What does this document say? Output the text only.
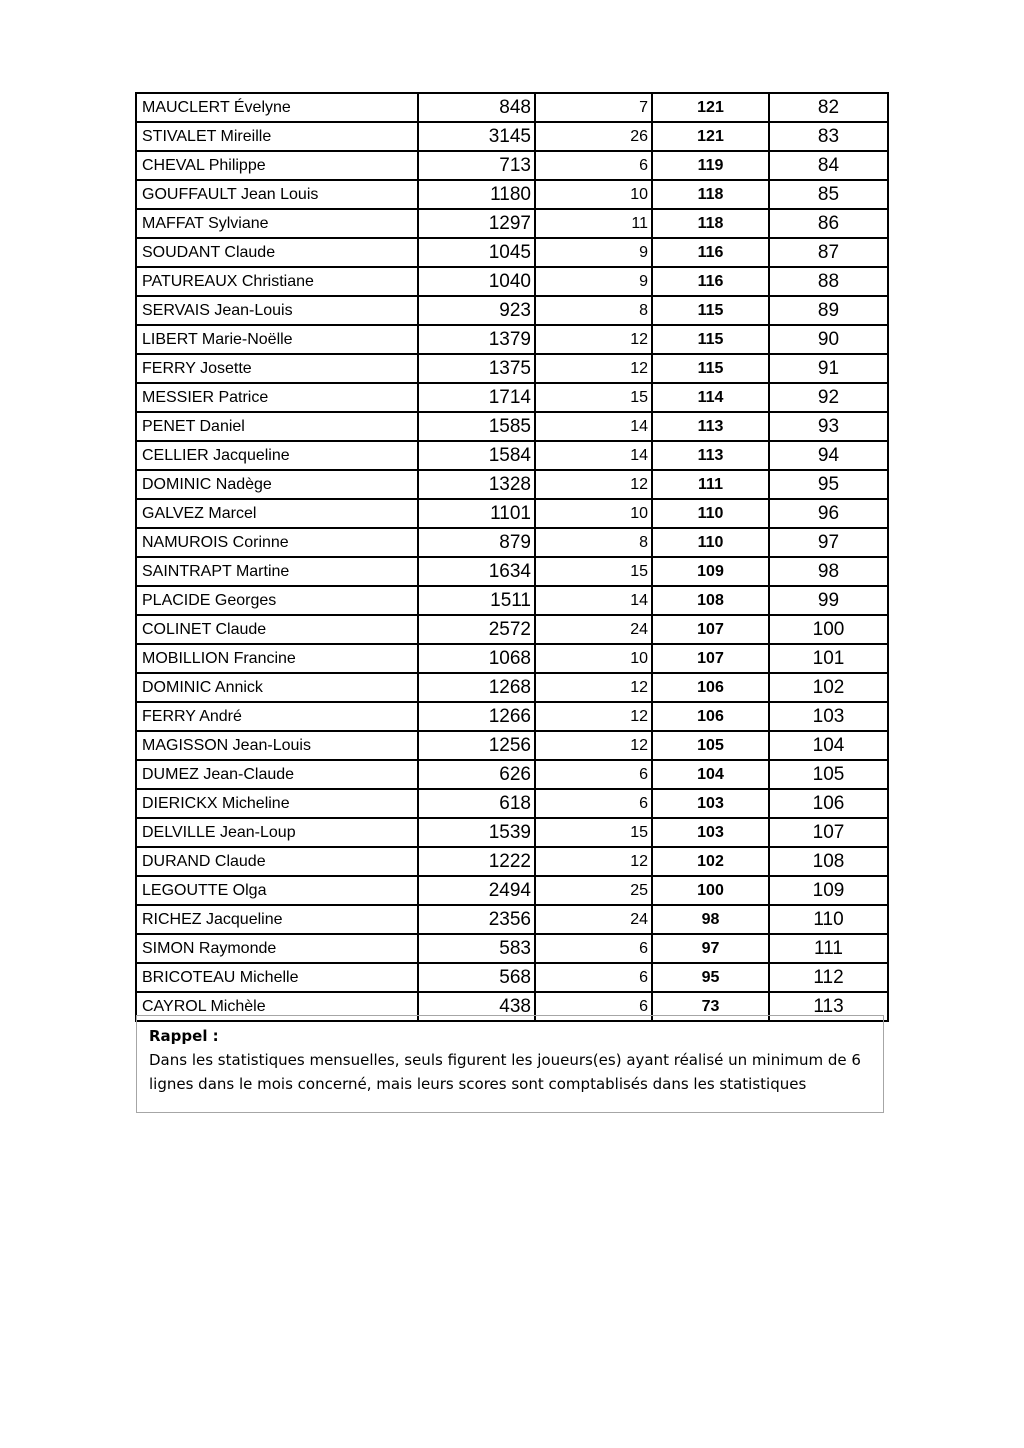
MAUCLERT Évelyne	848	7	121	82
STIVALET Mireille	3145	26	121	83
CHEVAL Philippe	713	6	119	84
GOUFFAULT Jean Louis	1180	10	118	85
MAFFAT Sylviane	1297	11	118	86
SOUDANT Claude	1045	9	116	87
PATUREAUX Christiane	1040	9	116	88
SERVAIS Jean-Louis	923	8	115	89
LIBERT Marie-Noëlle	1379	12	115	90
FERRY Josette	1375	12	115	91
MESSIER Patrice	1714	15	114	92
PENET Daniel	1585	14	113	93
CELLIER Jacqueline	1584	14	113	94
DOMINIC Nadège	1328	12	111	95
GALVEZ Marcel	1101	10	110	96
NAMUROIS Corinne	879	8	110	97
SAINTRAPT Martine	1634	15	109	98
PLACIDE Georges	1511	14	108	99
COLINET Claude	2572	24	107	100
MOBILLION Francine	1068	10	107	101
DOMINIC Annick	1268	12	106	102
FERRY André	1266	12	106	103
MAGISSON Jean-Louis	1256	12	105	104
DUMEZ Jean-Claude	626	6	104	105
DIERICKX Micheline	618	6	103	106
DELVILLE Jean-Loup	1539	15	103	107
DURAND Claude	1222	12	102	108
LEGOUTTE Olga	2494	25	100	109
RICHEZ Jacqueline	2356	24	98	110
SIMON Raymonde	583	6	97	111
BRICOTEAU Michelle	568	6	95	112
CAYROL Michèle	438	6	73	113
Rappel :
Dans les statistiques mensuelles, seuls figurent les joueurs(es) ayant réalisé un minimum de 6
lignes dans le mois concerné, mais leurs scores sont comptablisés dans les statistiques
